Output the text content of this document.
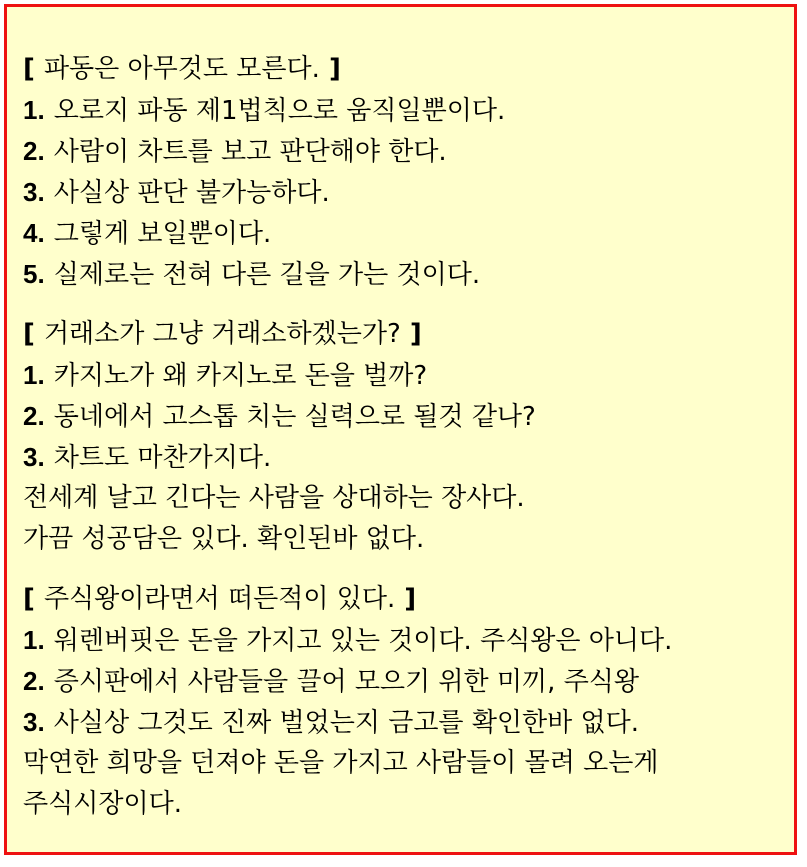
[ 파동은 아무것도 모른다. ]
1. 오로지 파동 제1법칙으로 움직일뿐이다.
2. 사람이 차트를 보고 판단해야 한다.
3. 사실상 판단 불가능하다.
4. 그렇게 보일뿐이다.
5. 실제로는 전혀 다른 길을 가는 것이다.
[ 거래소가 그냥 거래소하겠는가? ]
1. 카지노가 왜 카지노로 돈을 벌까?
2. 동네에서 고스톱 치는 실력으로 될것 같나?
3. 차트도 마찬가지다.
전세계 날고 긴다는 사람을 상대하는 장사다.
가끔 성공담은 있다. 확인된바 없다.
[ 주식왕이라면서 떠든적이 있다. ]
1. 워렌버핏은 돈을 가지고 있는 것이다. 주식왕은 아니다.
2. 증시판에서 사람들을 끌어 모으기 위한 미끼, 주식왕
3. 사실상 그것도 진짜 벌었는지 금고를 확인한바 없다.
막연한 희망을 던져야 돈을 가지고 사람들이 몰려 오는게
주식시장이다.
